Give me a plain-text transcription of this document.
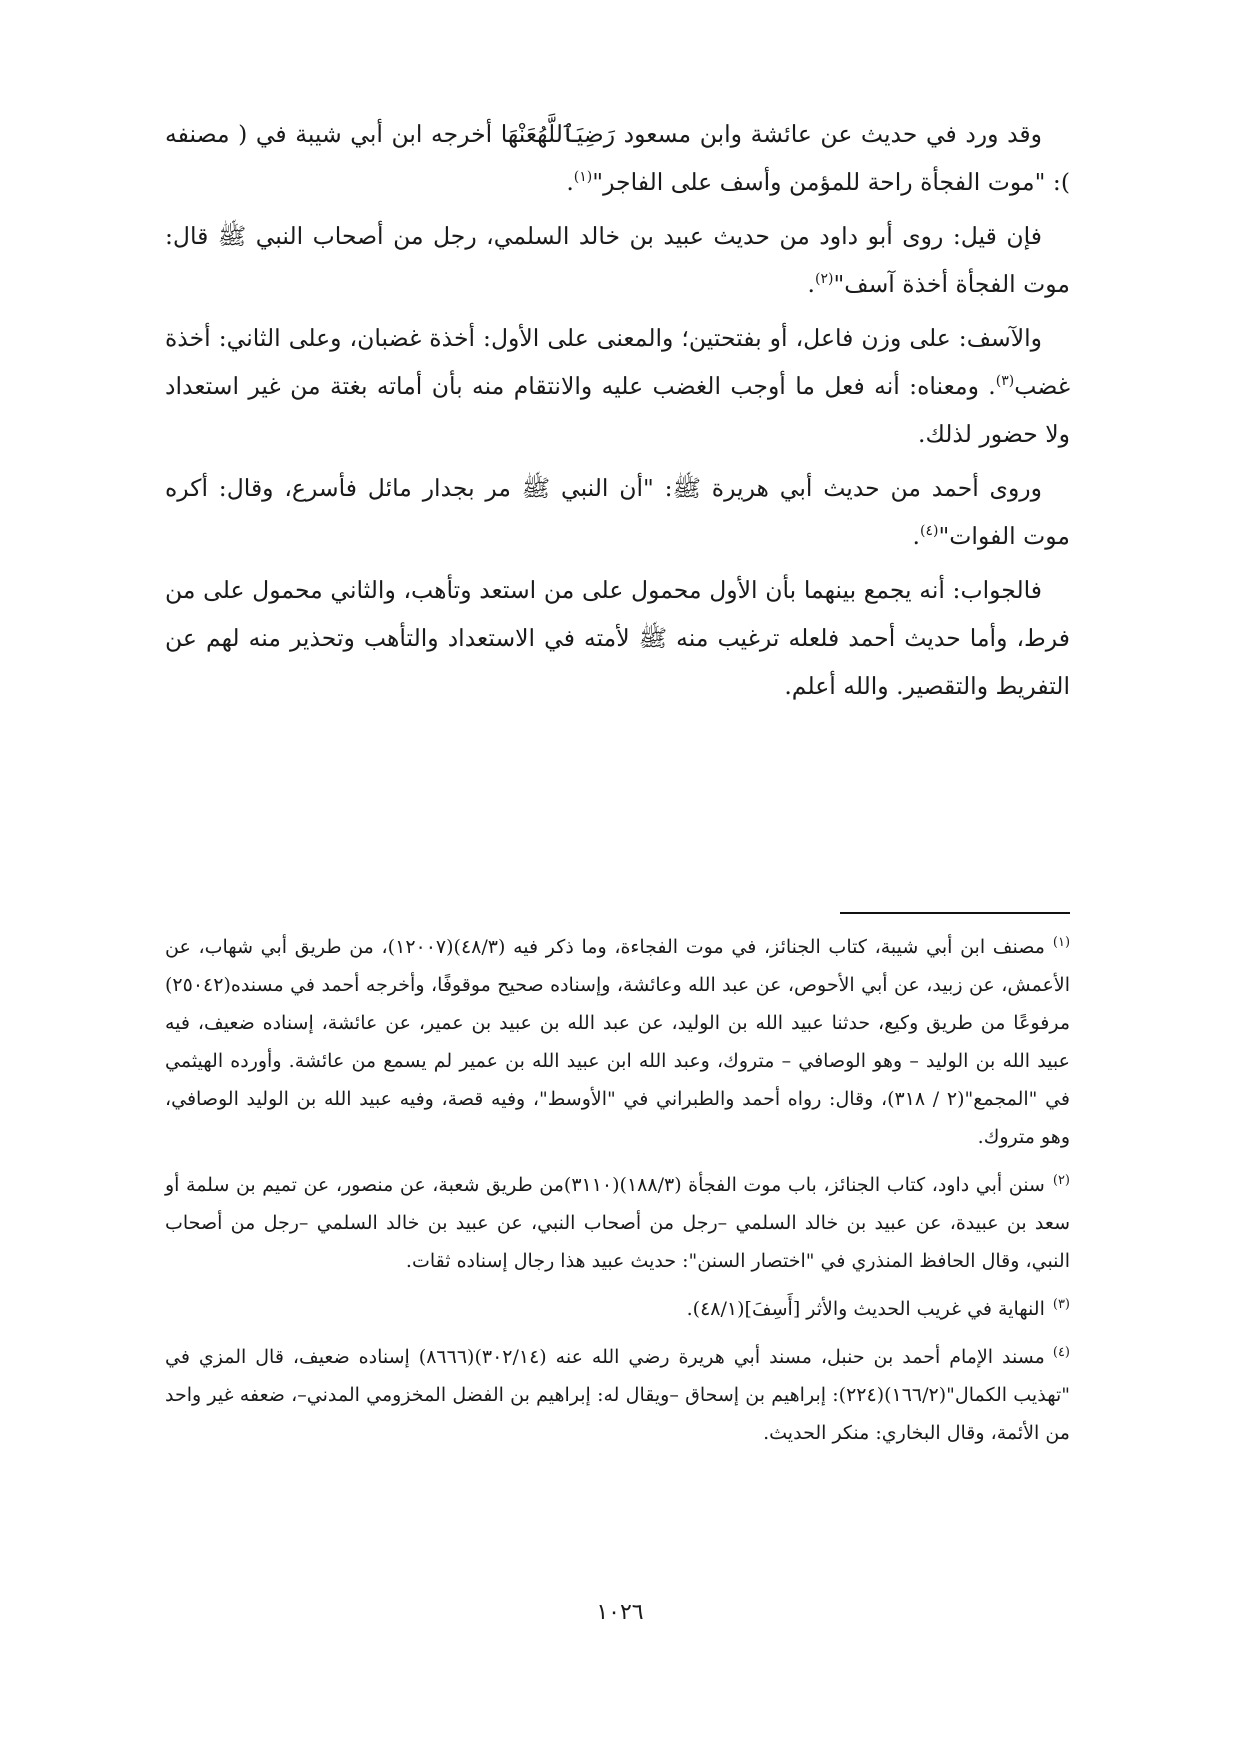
وقد ورد في حديث عن عائشة وابن مسعود رَضِيَٱللَّهُعَنْهَا أخرجه ابن أبي شيبة في ( مصنفه ): "موت الفجأة راحة للمؤمن وأسف على الفاجر"$^{(١)}$.

فإن قيل: روى أبو داود من حديث عبيد بن خالد السلمي، رجل من أصحاب النبي ﷺ قال: موت الفجأة أخذة آسف"$^{(٢)}$.

والآسف: على وزن فاعل، أو بفتحتين؛ والمعنى على الأول: أخذة غضبان، وعلى الثاني: أخذة غضب$^{(٣)}$. ومعناه: أنه فعل ما أوجب الغضب عليه والانتقام منه بأن أماته بغتة من غير استعداد ولا حضور لذلك.

وروى أحمد من حديث أبي هريرة ﷺ: "أن النبي ﷺ مر بجدار مائل فأسرع، وقال: أكره موت الفوات"$^{(٤)}$.

فالجواب: أنه يجمع بينهما بأن الأول محمول على من استعد وتأهب، والثاني محمول على من فرط، وأما حديث أحمد فلعله ترغيب منه ﷺ لأمته في الاستعداد والتأهب وتحذير منه لهم عن التفريط والتقصير. والله أعلم.

$^{(١)}$مصنف ابن أبي شيبة، كتاب الجنائز، في موت الفجاءة، وما ذكر فيه (٤٨/٣)(١٢٠٠٧)، من طريق أبي شهاب، عن الأعمش، عن زبيد، عن أبي الأحوص، عن عبد الله وعائشة، وإسناده صحيح موقوفًا، وأخرجه أحمد في مسنده(٢٥٠٤٢) مرفوعًا من طريق وكيع، حدثنا عبيد الله بن الوليد، عن عبد الله بن عبيد بن عمير، عن عائشة، إسناده ضعيف، فيه عبيد الله بن الوليد – وهو الوصافي – متروك، وعبد الله ابن عبيد الله بن عمير لم يسمع من عائشة. وأورده الهيثمي في "المجمع"(٢ / ٣١٨)، وقال: رواه أحمد والطبراني في "الأوسط"، وفيه قصة، وفيه عبيد الله بن الوليد الوصافي، وهو متروك.

$^{(٢)}$سنن أبي داود، كتاب الجنائز، باب موت الفجأة (١٨٨/٣)(٣١١٠)من طريق شعبة، عن منصور، عن تميم بن سلمة أو سعد بن عبيدة، عن عبيد بن خالد السلمي –رجل من أصحاب النبي، عن عبيد بن خالد السلمي –رجل من أصحاب النبي، وقال الحافظ المنذري في "اختصار السنن": حديث عبيد هذا رجال إسناده ثقات.

$^{(٣)}$النهاية في غريب الحديث والأثر [أَسِفَ](٤٨/١).

$^{(٤)}$مسند الإمام أحمد بن حنبل، مسند أبي هريرة رضي الله عنه (٣٠٢/١٤)(٨٦٦٦) إسناده ضعيف، قال المزي في "تهذيب الكمال"(١٦٦/٢)(٢٢٤): إبراهيم بن إسحاق –ويقال له: إبراهيم بن الفضل المخزومي المدني–، ضعفه غير واحد من الأئمة، وقال البخاري: منكر الحديث.

١٠٢٦
